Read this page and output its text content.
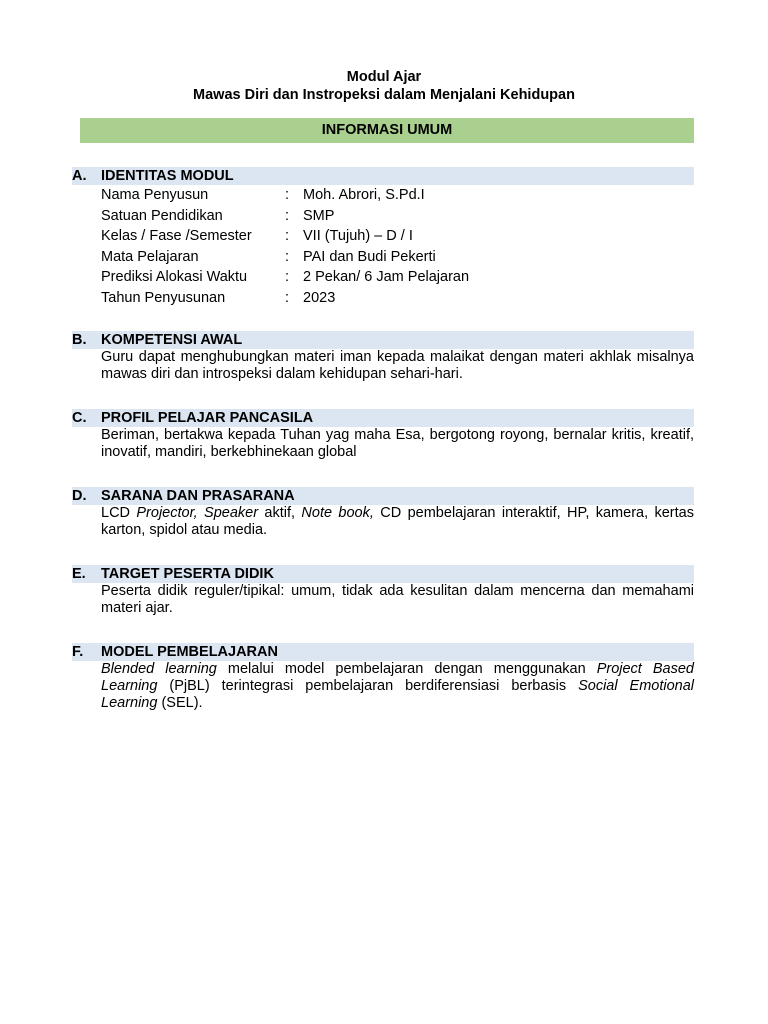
Modul Ajar
Mawas Diri dan Instropeksi dalam Menjalani Kehidupan
INFORMASI UMUM
A. IDENTITAS MODUL
Nama Penyusun	:	Moh. Abrori, S.Pd.I
Satuan Pendidikan	:	SMP
Kelas / Fase /Semester	:	VII (Tujuh) – D / I
Mata Pelajaran	:	PAI dan Budi Pekerti
Prediksi Alokasi Waktu	:	2 Pekan/ 6 Jam Pelajaran
Tahun Penyusunan	:	2023
B. KOMPETENSI AWAL
Guru dapat menghubungkan materi iman kepada malaikat dengan materi akhlak misalnya mawas diri dan introspeksi dalam kehidupan sehari-hari.
C. PROFIL PELAJAR PANCASILA
Beriman, bertakwa kepada Tuhan yag maha Esa, bergotong royong, bernalar kritis, kreatif, inovatif, mandiri, berkebhinekaan global
D. SARANA DAN PRASARANA
LCD Projector, Speaker aktif, Note book, CD pembelajaran interaktif, HP, kamera, kertas karton, spidol atau media.
E. TARGET PESERTA DIDIK
Peserta didik reguler/tipikal: umum, tidak ada kesulitan dalam mencerna dan memahami materi ajar.
F. MODEL PEMBELAJARAN
Blended learning melalui model pembelajaran dengan menggunakan Project Based Learning (PjBL) terintegrasi pembelajaran berdiferensiasi berbasis Social Emotional Learning (SEL).
